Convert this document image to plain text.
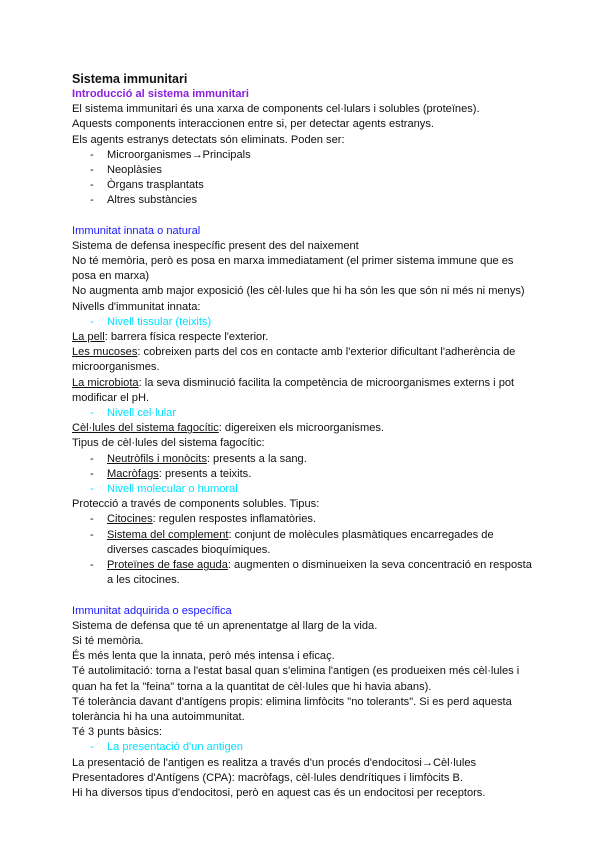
Sistema immunitari

Introducció al sistema immunitari

El sistema immunitari és una xarxa de components cel·lulars i solubles (proteïnes).

Aquests components interaccionen entre si, per detectar agents estranys.

Els agents estranys detectats són eliminats. Poden ser:

- Microorganismes→Principals
- Neoplàsies
- Òrgans trasplantats
- Altres substàncies

Immunitat innata o natural

Sistema de defensa inespecífic present des del naixement

No té memòria, però es posa en marxa immediatament (el primer sistema immune que es posa en marxa)

No augmenta amb major exposició (les cèl·lules que hi ha són les que són ni més ni menys)

Nivells d'immunitat innata:

- Nivell tissular (teixits)

La pell: barrera física respecte l'exterior.

Les mucoses: cobreixen parts del cos en contacte amb l'exterior dificultant l'adherència de microorganismes.

La microbiota: la seva disminució facilita la competència de microorganismes externs i pot modificar el pH.

- Nivell cel·lular

Cèl·lules del sistema fagocític: digereixen els microorganismes.

Tipus de cèl·lules del sistema fagocític:

- Neutròfils i monòcits: presents a la sang.
- Macròfags: presents a teixits.
- Nivell molecular o humoral

Protecció a través de components solubles. Tipus:

- Citocines: regulen respostes inflamatòries.
- Sistema del complement: conjunt de molècules plasmàtiques encarregades de diverses cascades bioquímiques.
- Proteïnes de fase aguda: augmenten o disminueixen la seva concentració en resposta a les citocines.

Immunitat adquirida o específica

Sistema de defensa que té un aprenentatge al llarg de la vida.

Si té memòria.

És més lenta que la innata, però més intensa i eficaç.

Té autolimitació: torna a l'estat basal quan s'elimina l'antigen (es produeixen més cèl·lules i quan ha fet la "feina" torna a la quantitat de cèl·lules que hi havia abans).

Té tolerància davant d'antígens propis: elimina limfòcits "no tolerants". Si es perd aquesta tolerància hi ha una autoimmunitat.

Té 3 punts bàsics:

- La presentació d'un antigen

La presentació de l'antigen es realitza a través d'un procés d'endocitosi→Cèl·lules Presentadores d'Antígens (CPA): macròfags, cèl·lules dendrítiques i limfòcits B.

Hi ha diversos tipus d'endocitosi, però en aquest cas és un endocitosi per receptors.
